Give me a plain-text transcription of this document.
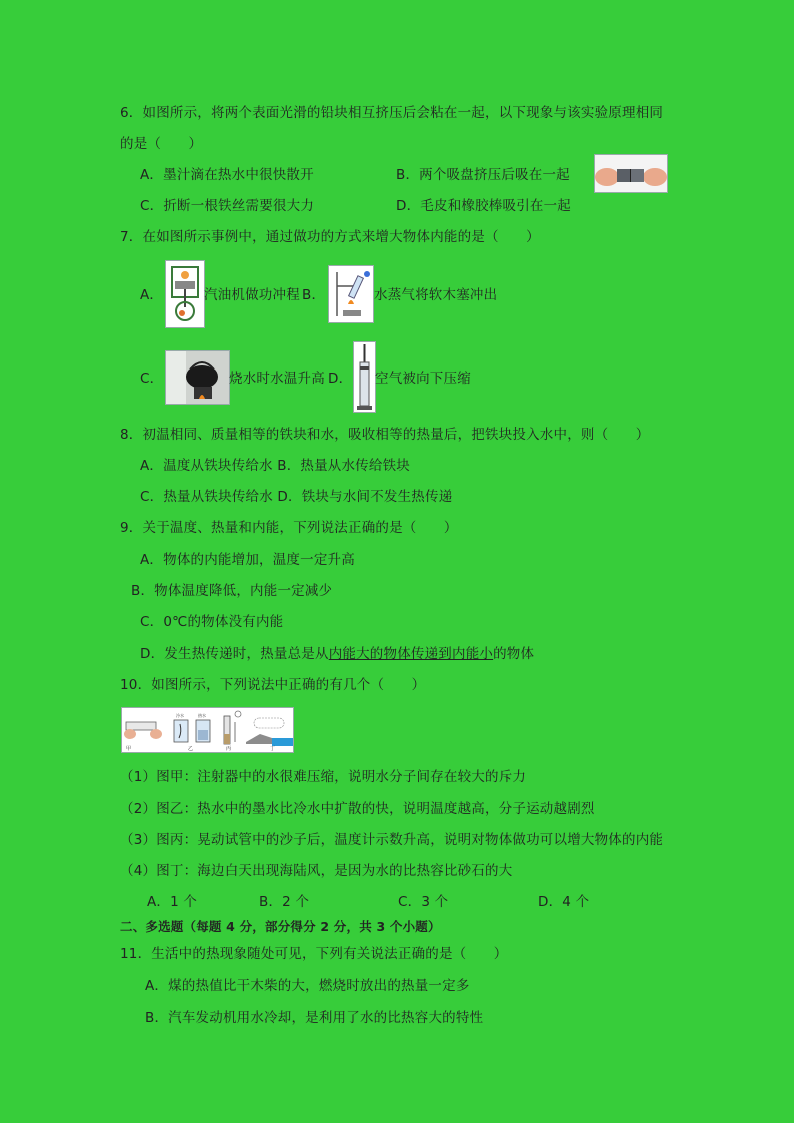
6．如图所示，将两个表面光滑的铅块相互挤压后会粘在一起，以下现象与该实验原理相同
的是（　　）
A．墨汁滴在热水中很快散开	B．两个吸盘挤压后吸在一起
C．折断一根铁丝需要很大力	D．毛皮和橡胶棒吸引在一起
7．在如图所示事例中，通过做功的方式来增大物体内能的是（　　）
A．	汽油机做功冲程 B．	水蒸气将软木塞冲出
C．	烧水时水温升高 D． 空气被向下压缩
8．初温相同、质量相等的铁块和水，吸收相等的热量后，把铁块投入水中，则（　　）
A．温度从铁块传给水 B．热量从水传给铁块
C．热量从铁块传给水 D．铁块与水间不发生热传递
9．关于温度、热量和内能，下列说法正确的是（　　）
A．物体的内能增加，温度一定升高
B．物体温度降低，内能一定减少
C．0℃的物体没有内能
D．发生热传递时，热量总是从内能大的物体传递到内能小的物体
10．如图所示，下列说法中正确的有几个（　　）
甲
冷水	热水
乙	丙	丁
（1）图甲：注射器中的水很难压缩，说明水分子间存在较大的斥力
（2）图乙：热水中的墨水比冷水中扩散的快，说明温度越高，分子运动越剧烈
（3）图丙：晃动试管中的沙子后，温度计示数升高，说明对物体做功可以增大物体的内能
（4）图丁：海边白天出现海陆风，是因为水的比热容比砂石的大
A．1 个	B．2 个	C．3 个	D．4 个
二、多选题（每题 4 分，部分得分 2 分，共 3 个小题）
11．生活中的热现象随处可见，下列有关说法正确的是（　　）
A．煤的热值比干木柴的大，燃烧时放出的热量一定多
B．汽车发动机用水冷却，是利用了水的比热容大的特性
